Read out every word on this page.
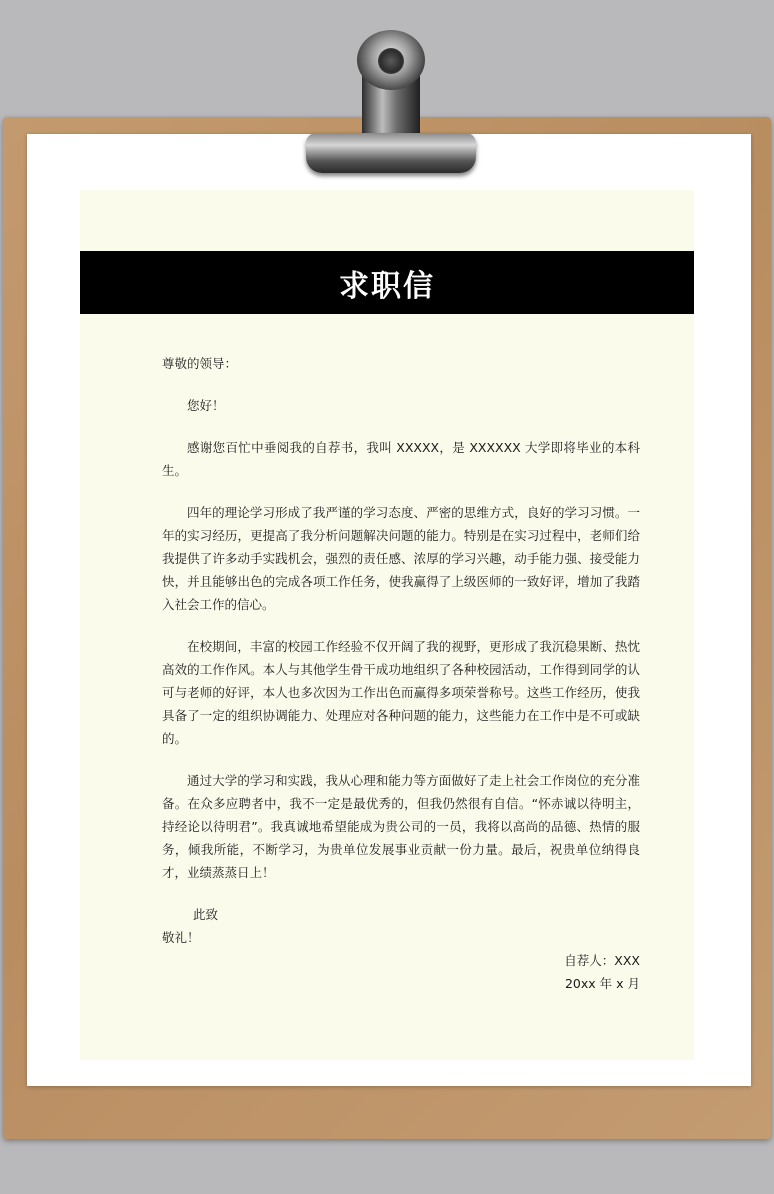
求职信

尊敬的领导：

您好！

感谢您百忙中垂阅我的自荐书，我叫 XXXXX，是 XXXXXX 大学即将毕业的本科生。

四年的理论学习形成了我严谨的学习态度、严密的思维方式，良好的学习习惯。一年的实习经历，更提高了我分析问题解决问题的能力。特别是在实习过程中，老师们给我提供了许多动手实践机会，强烈的责任感、浓厚的学习兴趣，动手能力强、接受能力快，并且能够出色的完成各项工作任务，使我赢得了上级医师的一致好评，增加了我踏入社会工作的信心。

在校期间，丰富的校园工作经验不仅开阔了我的视野，更形成了我沉稳果断、热忱高效的工作作风。本人与其他学生骨干成功地组织了各种校园活动，工作得到同学的认可与老师的好评，本人也多次因为工作出色而赢得多项荣誉称号。这些工作经历，使我具备了一定的组织协调能力、处理应对各种问题的能力，这些能力在工作中是不可或缺的。

通过大学的学习和实践，我从心理和能力等方面做好了走上社会工作岗位的充分准备。在众多应聘者中，我不一定是最优秀的，但我仍然很有自信。“怀赤诚以待明主，持经论以待明君”。我真诚地希望能成为贵公司的一员，我将以高尚的品德、热情的服务，倾我所能，不断学习，为贵单位发展事业贡献一份力量。最后，祝贵单位纳得良才，业绩蒸蒸日上！

此致

敬礼！

自荐人：XXX

20xx 年 x 月
